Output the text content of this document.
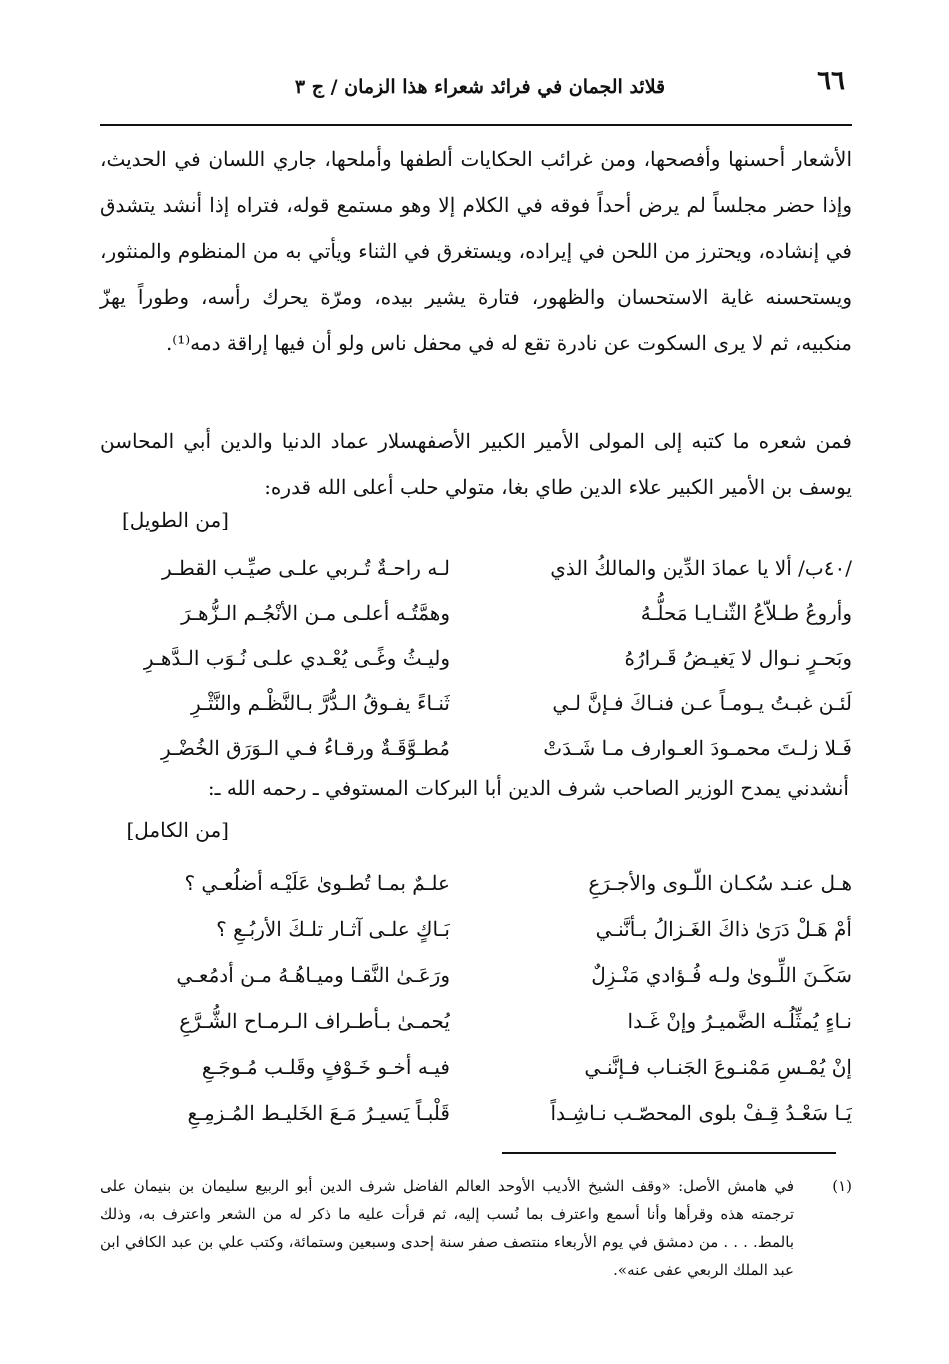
٦٦
قلائد الجمان في فرائد شعراء هذا الزمان / ج ٣

الأشعار أحسنها وأفصحها، ومن غرائب الحكايات ألطفها وأملحها، جاري اللسان في الحديث، وإذا حضر مجلساً لم يرض أحداً فوقه في الكلام إلا وهو مستمع قوله، فتراه إذا أنشد يتشدق في إنشاده، ويحترز من اللحن في إيراده، ويستغرق في الثناء ويأتي به من المنظوم والمنثور، ويستحسنه غاية الاستحسان والظهور، فتارة يشير بيده، ومرّة يحرك رأسه، وطوراً يهزّ منكبيه، ثم لا يرى السكوت عن نادرة تقع له في محفل ناس ولو أن فيها إراقة دمه⁽¹⁾.

فمن شعره ما كتبه إلى المولى الأمير الكبير الأصفهسلار عماد الدنيا والدين أبي المحاسن يوسف بن الأمير الكبير علاء الدين طاي بغا، متولي حلب أعلى الله قدره:

[من الطويل]
/٤٠ب/ ألا يا عمادَ الدِّين والمالكُ الذي
لـه راحـةٌ تُـربي علـى صيِّـب القطـر
وأروعُ طـلاّعُ الثّنـايـا مَحلُّـهُ
وهمَّتُـه أعلـى مـن الأنْجُـم الـزُّهـرَ
وبَحـرٍ نـوال لا يَغيـضُ قَـرارُهُ
وليـثُ وغًـى يُعْـدي علـى نُـوَب الـدَّهـرِ
لَئـن غبـتُ يـومـاً عـن فنـاكَ فـإنَّ لـي
ثَنـاءً يفـوقُ الـدُّرَّ بـالنَّظْـم والنَّثْـرِ
فَـلا زلـتَ محمـودَ العـوارف مـا شَـدَتْ
مُطـوَّقَـةٌ ورقـاءُ فـي الـوَرَق الخُضْـرِ
أنشدني يمدح الوزير الصاحب شرف الدين أبا البركات المستوفي ـ رحمه الله ـ:
[من الكامل]
هـل عنـد سُكـان اللّـوى والأجـرَعِ
علـمٌ بمـا تُطـوىٰ عَلَيْـه أضلُعـي ؟
أمْ هَـلْ دَرَىٰ ذاكَ الغَـزالُ بـأنَّنـي
بَـاكٍ علـى آثـار تلـكَ الأربُـعِ ؟
سَكَـنَ اللِّـوىٰ ولـه فُـؤادي مَنْـزِلٌ
ورَعَـىٰ النَّقـا وميـاهُـهُ مـن أدمُعـي
نـاءٍ يُمثِّلُـه الضَّميـرُ وإنْ غَـدا
يُحمـىٰ بـأطـراف الـرمـاح الشُّـرَّعِ
إنْ يُمْـسِ مَمْنـوعَ الجَنـاب فـإنَّنـي
فيـه أخـو خَـوْفٍ وقَلـب مُـوجَـعِ
يَـا سَعْـدُ قِـفْ بلوى المحصّـب نـاشِـداً
قَلْبـاً يَسيـرُ مَـعَ الخَليـط المُـزمِـعِ
(١)
في هامش الأصل: «وقف الشيخ الأديب الأوحد العالم الفاضل شرف الدين أبو الربيع سليمان بن بنيمان على ترجمته هذه وقرأها وأنا أسمع واعترف بما نُسب إليه، ثم قرأت عليه ما ذكر له من الشعر واعترف به، وذلك بالمط. . . . من دمشق في يوم الأربعاء منتصف صفر سنة إحدى وسبعين وستمائة، وكتب علي بن عبد الكافي ابن عبد الملك الربعي عفى عنه».
